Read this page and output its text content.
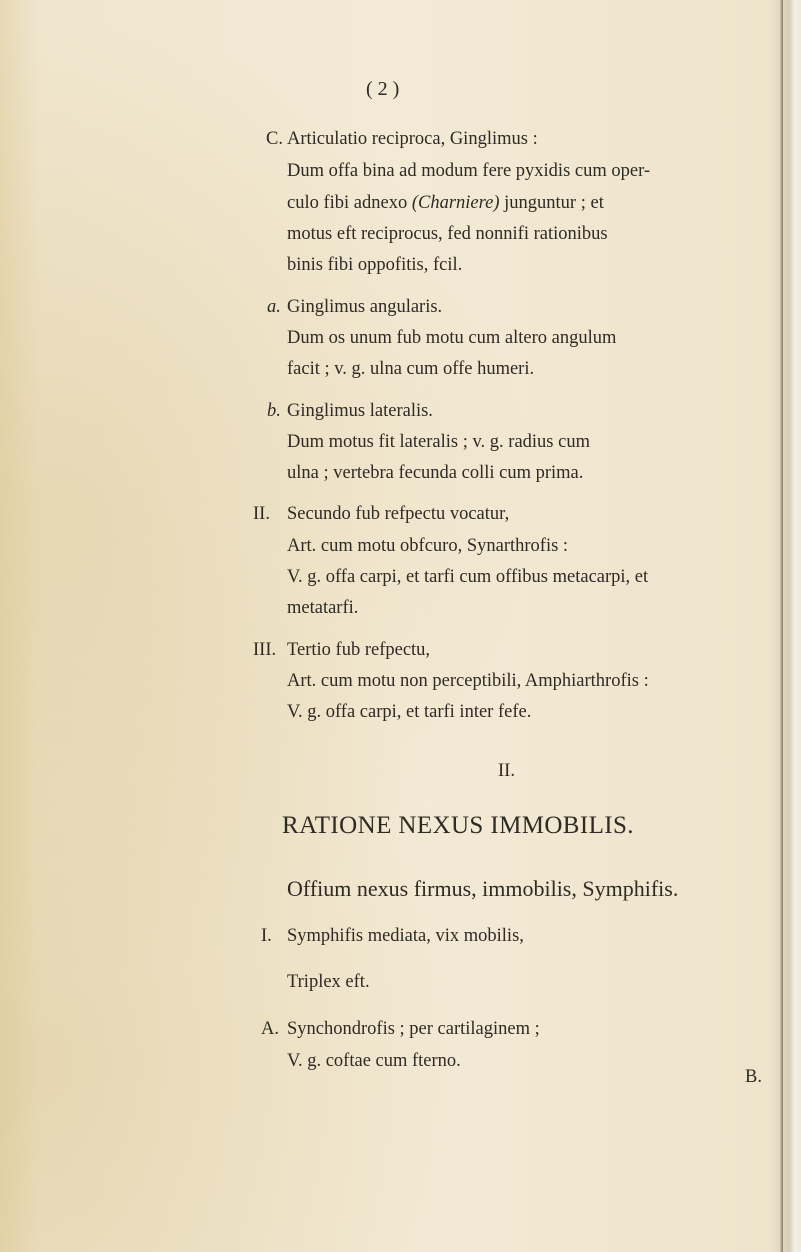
( 2 )
C. Articulatio reciproca, Ginglimus :
Dum offa bina ad modum fere pyxidis cum oper-
culo fibi adnexo (Charniere) junguntur ; et
motus eft reciprocus, fed nonnifi rationibus
binis fibi oppofitis, fcil.
a. Ginglimus angularis.
Dum os unum fub motu cum altero angulum
facit ; v. g. ulna cum offe humeri.
b. Ginglimus lateralis.
Dum motus fit lateralis ; v. g. radius cum
ulna ; vertebra fecunda colli cum prima.
II. Secundo fub refpectu vocatur,
Art. cum motu obfcuro, Synarthrofis :
V. g. offa carpi, et tarfi cum offibus metacarpi, et
metatarfi.
III. Tertio fub refpectu,
Art. cum motu non perceptibili, Amphiarthrofis :
V. g. offa carpi, et tarfi inter fefe.
II.
RATIONE NEXUS IMMOBILIS.
Offium nexus firmus, immobilis, Symphifis.
I. Symphifis mediata, vix mobilis,
Triplex eft.
A. Synchondrofis ; per cartilaginem ;
V. g. coftae cum fterno.
B.
